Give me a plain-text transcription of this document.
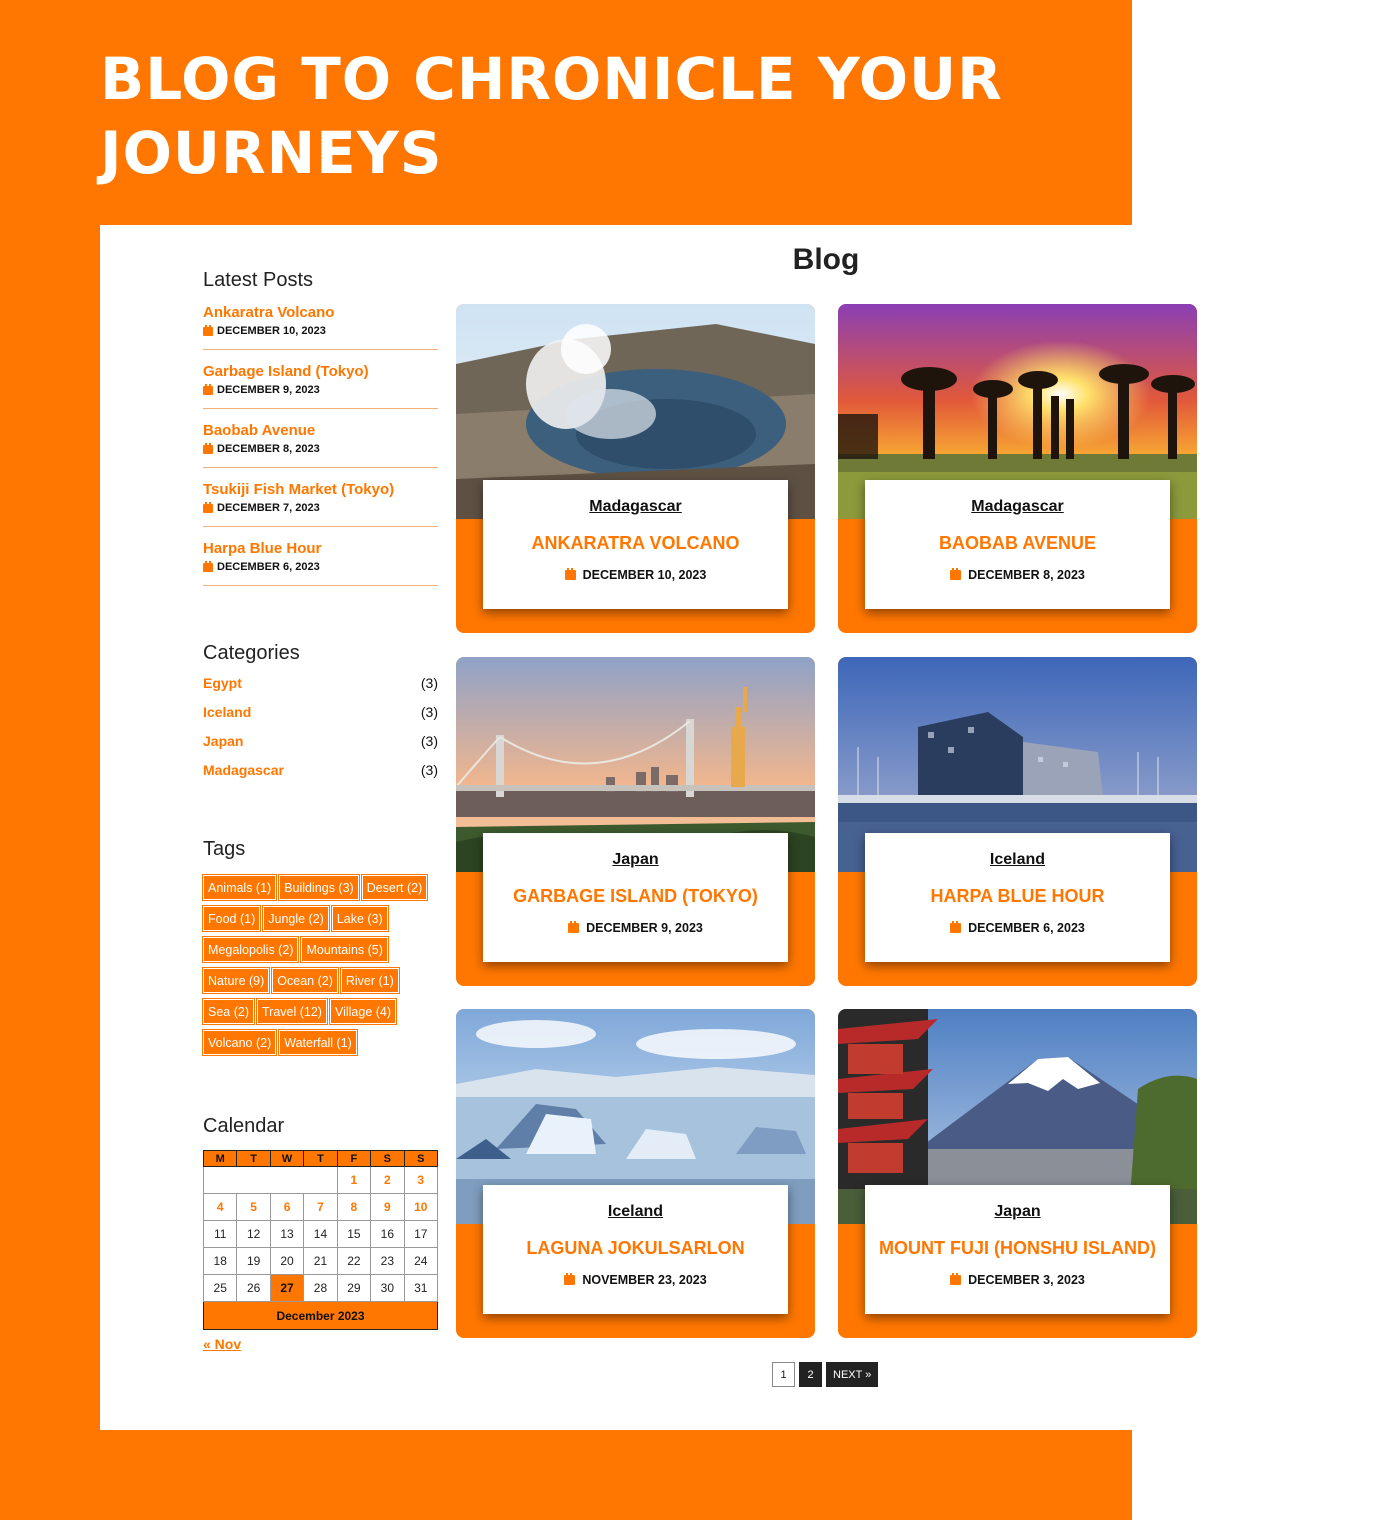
BLOG TO CHRONICLE YOUR JOURNEYS
Latest Posts
Ankaratra Volcano
DECEMBER 10, 2023
Garbage Island (Tokyo)
DECEMBER 9, 2023
Baobab Avenue
DECEMBER 8, 2023
Tsukiji Fish Market (Tokyo)
DECEMBER 7, 2023
Harpa Blue Hour
DECEMBER 6, 2023
Categories
Egypt	(3)
Iceland	(3)
Japan	(3)
Madagascar	(3)
Tags
Animals (1)	Buildings (3)	Desert (2)
Food (1)	Jungle (2)	Lake (3)
Megalopolis (2)	Mountains (5)
Nature (9)	Ocean (2)	River (1)
Sea (2)	Travel (12)	Village (4)
Volcano (2)	Waterfall (1)
Calendar
M	T	W	T	F	S	S
				1	2	3
4	5	6	7	8	9	10
11	12	13	14	15	16	17
18	19	20	21	22	23	24
25	26	27	28	29	30	31
December 2023						
« Nov
Blog
Madagascar
ANKARATRA VOLCANO
DECEMBER 10, 2023
Madagascar
BAOBAB AVENUE
DECEMBER 8, 2023
Japan
GARBAGE ISLAND (TOKYO)
DECEMBER 9, 2023
Iceland
HARPA BLUE HOUR
DECEMBER 6, 2023
Iceland
LAGUNA JOKULSARLON
NOVEMBER 23, 2023
Japan
MOUNT FUJI (HONSHU ISLAND)
DECEMBER 3, 2023
1	2	NEXT »
